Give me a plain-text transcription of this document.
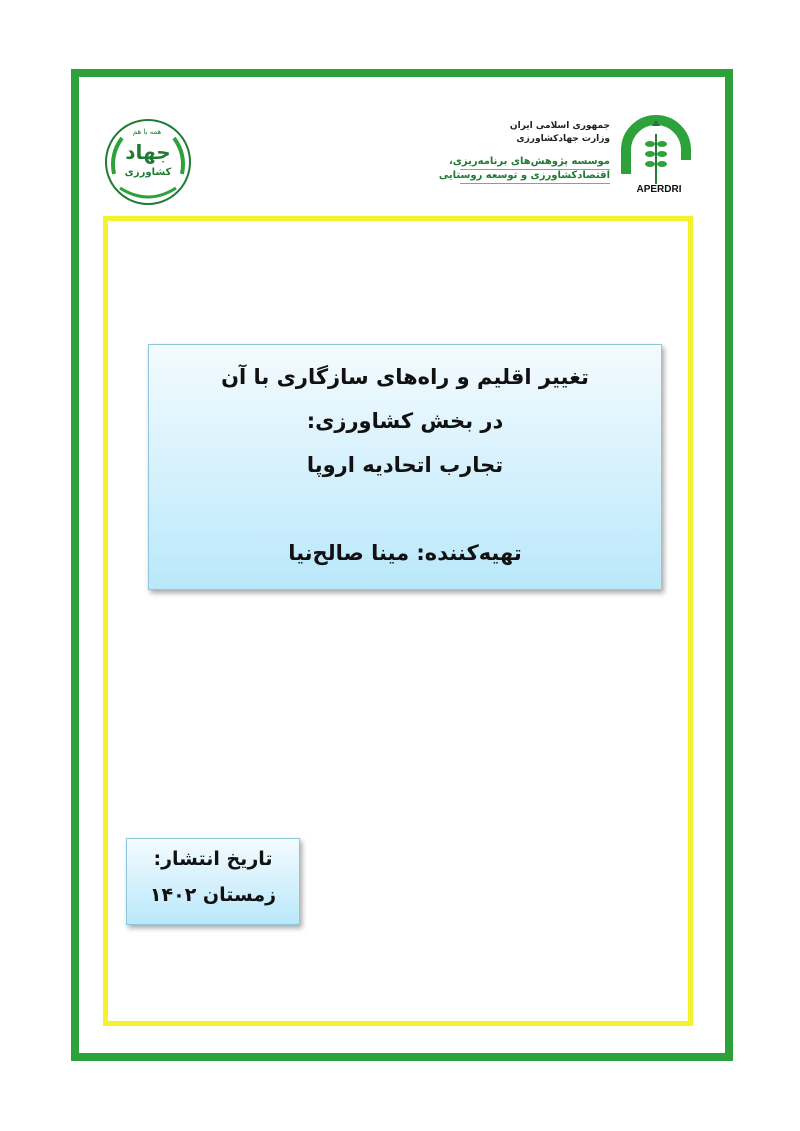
همه با هم
جهاد
کشاورزی
جمهوری اسلامی ایران
وزارت جهادکشاورزی
موسسه پژوهش‌های برنامه‌ریزی،
اقتصادکشاورزی و توسعه روستایی
APERDRI
تغییر اقلیم و راه‌های سازگاری با آن
در بخش کشاورزی:
تجارب اتحادیه اروپا
تهیه‌کننده: مینا صالح‌نیا
تاریخ انتشار:
زمستان ۱۴۰۲
